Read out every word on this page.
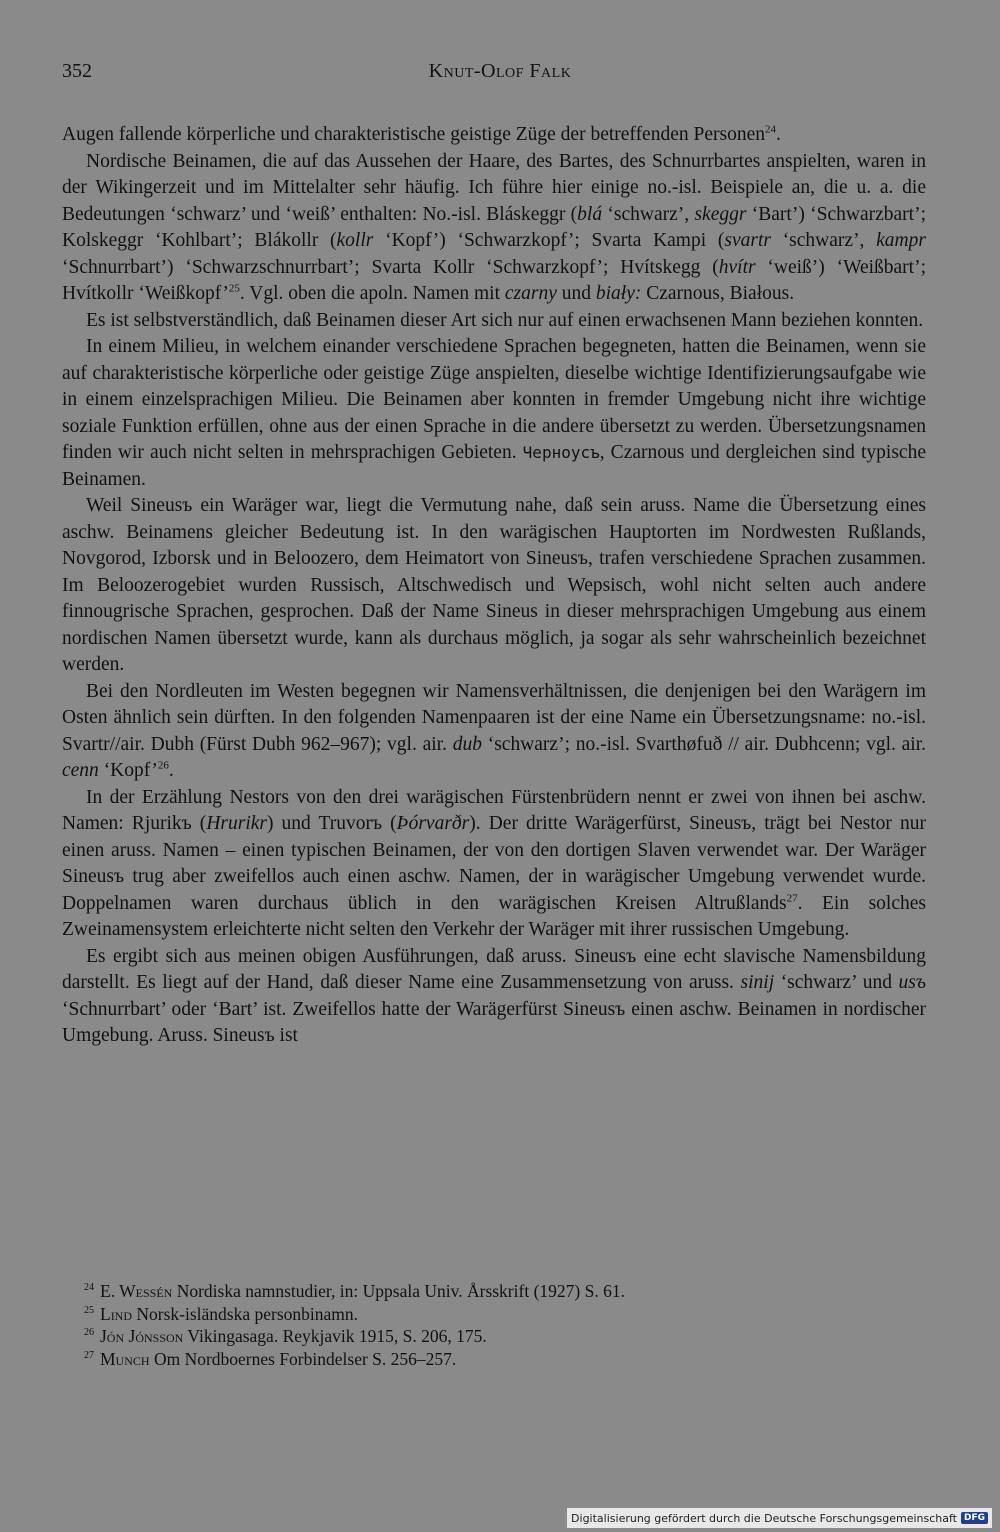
352	Knut-Olof Falk

Augen fallende körperliche und charakteristische geistige Züge der betreffenden Personen$^{24}$.

Nordische Beinamen, die auf das Aussehen der Haare, des Bartes, des Schnurrbartes anspielten, waren in der Wikingerzeit und im Mittelalter sehr häufig. Ich führe hier einige no.-isl. Beispiele an, die u. a. die Bedeutungen ‘schwarz’ und ‘weiß’ enthalten: No.-isl. Bláskeggr (blá ‘schwarz’, skeggr ‘Bart’) ‘Schwarzbart’; Kolskeggr ‘Kohlbart’; Blákollr (kollr ‘Kopf’) ‘Schwarzkopf’; Svarta Kampi (svartr ‘schwarz’, kampr ‘Schnurrbart’) ‘Schwarzschnurrbart’; Svarta Kollr ‘Schwarzkopf’; Hvítskegg (hvítr ‘weiß’) ‘Weißbart’; Hvítkollr ‘Weißkopf’$^{25}$. Vgl. oben die apoln. Namen mit czarny und biały: Czarnous, Białous.

Es ist selbstverständlich, daß Beinamen dieser Art sich nur auf einen erwachsenen Mann beziehen konnten.

In einem Milieu, in welchem einander verschiedene Sprachen begegneten, hatten die Beinamen, wenn sie auf charakteristische körperliche oder geistige Züge anspielten, dieselbe wichtige Identifizierungsaufgabe wie in einem einzelsprachigen Milieu. Die Beinamen aber konnten in fremder Umgebung nicht ihre wichtige soziale Funktion erfüllen, ohne aus der einen Sprache in die andere übersetzt zu werden. Übersetzungsnamen finden wir auch nicht selten in mehrsprachigen Gebieten. Черноусъ, Czarnous und dergleichen sind typische Beinamen.

Weil Sineusъ ein Waräger war, liegt die Vermutung nahe, daß sein aruss. Name die Übersetzung eines aschw. Beinamens gleicher Bedeutung ist. In den warägischen Hauptorten im Nordwesten Rußlands, Novgorod, Izborsk und in Beloozero, dem Heimatort von Sineusъ, trafen verschiedene Sprachen zusammen. Im Beloozerogebiet wurden Russisch, Altschwedisch und Wepsisch, wohl nicht selten auch andere finnougrische Sprachen, gesprochen. Daß der Name Sineus in dieser mehrsprachigen Umgebung aus einem nordischen Namen übersetzt wurde, kann als durchaus möglich, ja sogar als sehr wahrscheinlich bezeichnet werden.

Bei den Nordleuten im Westen begegnen wir Namensverhältnissen, die denjenigen bei den Warägern im Osten ähnlich sein dürften. In den folgenden Namenpaaren ist der eine Name ein Übersetzungsname: no.-isl. Svartr//air. Dubh (Fürst Dubh 962–967); vgl. air. dub ‘schwarz’; no.-isl. Svarthøfuð // air. Dubhcenn; vgl. air. cenn ‘Kopf’$^{26}$.

In der Erzählung Nestors von den drei warägischen Fürstenbrüdern nennt er zwei von ihnen bei aschw. Namen: Rjurikъ (Hrurikr) und Truvorъ (Þórvarðr). Der dritte Warägerfürst, Sineusъ, trägt bei Nestor nur einen aruss. Namen – einen typischen Beinamen, der von den dortigen Slaven verwendet war. Der Waräger Sineusъ trug aber zweifellos auch einen aschw. Namen, der in warägischer Umgebung verwendet wurde. Doppelnamen waren durchaus üblich in den warägischen Kreisen Altrußlands$^{27}$. Ein solches Zweinamensystem erleichterte nicht selten den Verkehr der Waräger mit ihrer russischen Umgebung.

Es ergibt sich aus meinen obigen Ausführungen, daß aruss. Sineusъ eine echt slavische Namensbildung darstellt. Es liegt auf der Hand, daß dieser Name eine Zusammensetzung von aruss. sinij ‘schwarz’ und usъ ‘Schnurrbart’ oder ‘Bart’ ist. Zweifellos hatte der Warägerfürst Sineusъ einen aschw. Beinamen in nordischer Umgebung. Aruss. Sineusъ ist

$^{24}$ E. Wessén Nordiska namnstudier, in: Uppsala Univ. Årsskrift (1927) S. 61.
$^{25}$ Lind Norsk-isländska personbinamn.
$^{26}$ Jón Jónsson Vikingasaga. Reykjavik 1915, S. 206, 175.
$^{27}$ Munch Om Nordboernes Forbindelser S. 256–257.
Digitalisierung gefördert durch die Deutsche Forschungsgemeinschaft DFG
